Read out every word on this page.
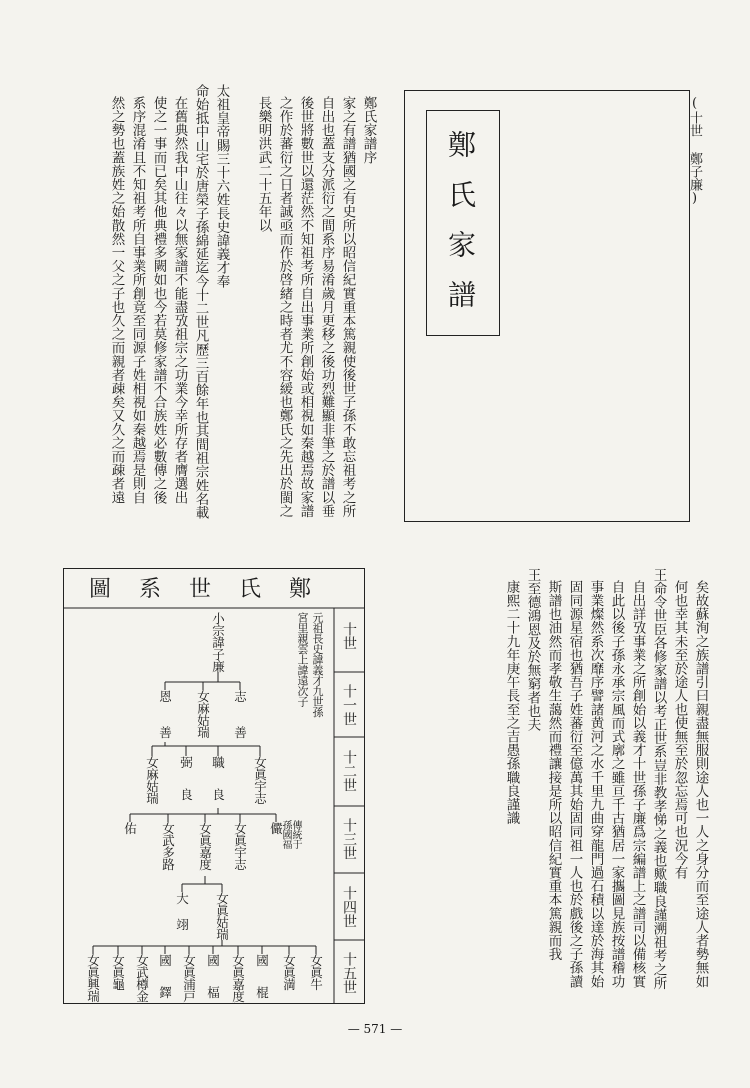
(十世 鄭子廉)
鄭氏家譜
鄭氏家譜序
家之有譜猶國之有史所以昭信紀實重本篤親使後世子孫不敢忘祖考之所
自出也蓋支分派衍之間系序易淆歲月更移之後功烈難顯非筆之於譜以垂
後世將數世以還茫然不知祖考所自出事業所創始或相視如秦越焉故家譜
之作於蕃衍之日者誠亟而作於啓緒之時者尤不容緩也鄭氏之先出於閩之
長樂明洪武二十五年以
太祖皇帝賜三十六姓長史諱義才奉
命始抵中山宅於唐榮子孫綿延迄今十二世凡歷三百餘年也其間祖宗姓名載
在舊典然我中山往々以無家譜不能盡攷祖宗之功業今幸所存者膺選出
使之一事而已矣其他典禮多闕如也今若莫修家譜不合族姓必數傳之後
系序混淆且不知祖考所自事業所創竟至同源子姓相視如秦越焉是則自
然之勢也蓋族姓之始散然一父之子也久之而親者疎矣又久之而疎者遠
矣故蘇洵之族譜引曰親盡無服則途人也一人之身分而至途人者勢無如
何也幸其未至於途人也使無至於忽忘焉可也況今有
王命令世臣各修家譜以考正世系豈非教孝悌之義也歟職良謹溯祖考之所
自出詳攷事業之所創始以義才十世孫子廉爲宗編譜上之譜司以備核實
自此以後子孫永承宗風而式廓之雖亘千古猶居一家攜圖見族按譜稽功
事業燦然系次靡序譬諸黄河之水千里九曲穿龍門過石積以達於海其始
固同源星宿也猶吾子姓蕃衍至億萬其始固同祖一人也於戲後之子孫讀
斯譜也油然而孝敬生藹然而禮讓接是所以昭信紀實重本篤親而我
王至德鴻恩及於無窮者也夫
康熙二十九年庚午長至之吉愚孫職良謹識
圖系世氏鄭
十世
十一世
十二世
十三世
十四世
十五世
元祖長史諱義才九世孫
宮里親雲上諱遠次子
小宗諱子廉
志
善
女麻姑瑞
恩
善
女眞宇志
職
良
弼
良
女麻姑瑞
儼 傳統于
孫國福
女眞宇志
女眞嘉度
女武多路
佑
女眞姑瑞
大
翊
女眞牛
女眞満
國
棍
女眞嘉度
國
楅
女眞浦戸
國
鐸
女武樽金
女眞龜
女眞興瑞
— 571 —
